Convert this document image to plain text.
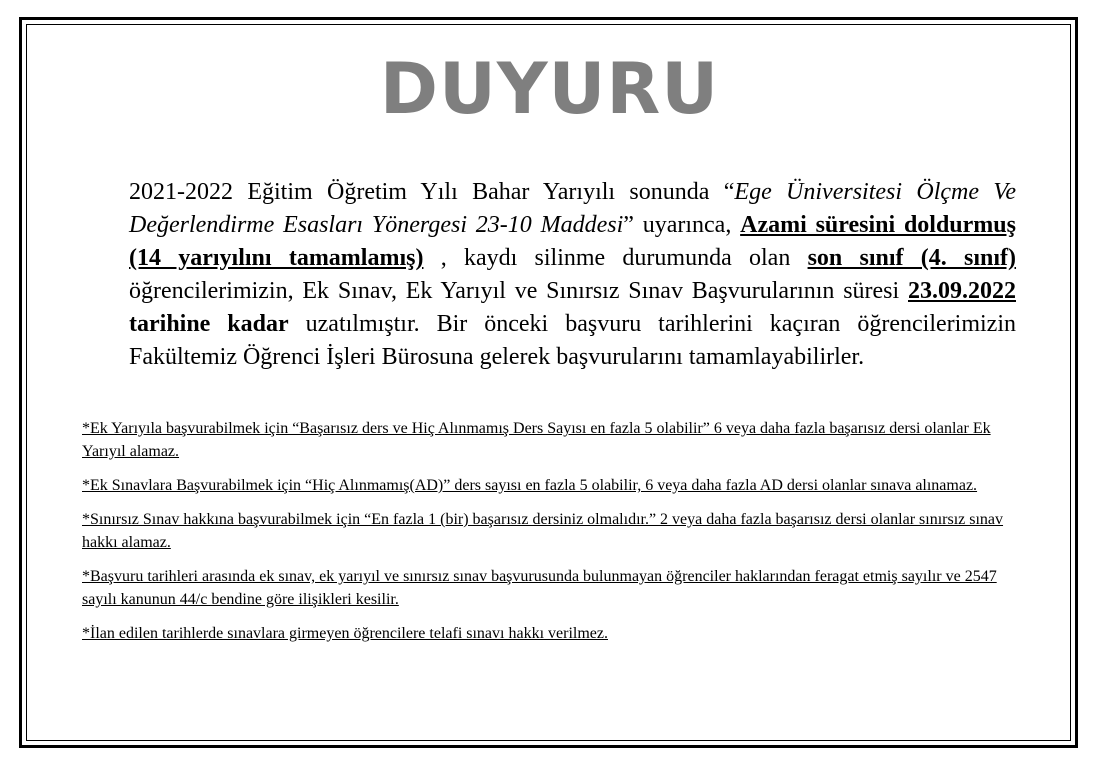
DUYURU
2021-2022 Eğitim Öğretim Yılı Bahar Yarıyılı sonunda “Ege Üniversitesi Ölçme Ve Değerlendirme Esasları Yönergesi 23-10 Maddesi” uyarınca, Azami süresini doldurmuş (14 yarıyılını tamamlamış) , kaydı silinme durumunda olan son sınıf (4. sınıf) öğrencilerimizin, Ek Sınav, Ek Yarıyıl ve Sınırsız Sınav Başvurularının süresi 23.09.2022 tarihine kadar uzatılmıştır. Bir önceki başvuru tarihlerini kaçıran öğrencilerimizin Fakültemiz Öğrenci İşleri Bürosuna gelerek başvurularını tamamlayabilirler.
*Ek Yarıyıla başvurabilmek için “Başarısız ders ve Hiç Alınmamış Ders Sayısı en fazla 5 olabilir” 6 veya daha fazla başarısız dersi olanlar Ek Yarıyıl alamaz.
*Ek Sınavlara Başvurabilmek için “Hiç Alınmamış(AD)” ders sayısı en fazla 5 olabilir, 6 veya daha fazla AD dersi olanlar sınava alınamaz.
*Sınırsız Sınav hakkına başvurabilmek için “En fazla 1 (bir) başarısız dersiniz olmalıdır.” 2 veya daha fazla başarısız dersi olanlar sınırsız sınav hakkı alamaz.
*Başvuru tarihleri arasında ek sınav, ek yarıyıl ve sınırsız sınav başvurusunda bulunmayan öğrenciler haklarından feragat etmiş sayılır ve 2547 sayılı kanunun 44/c bendine göre ilişikleri kesilir.
*İlan edilen tarihlerde sınavlara girmeyen öğrencilere telafi sınavı hakkı verilmez.
